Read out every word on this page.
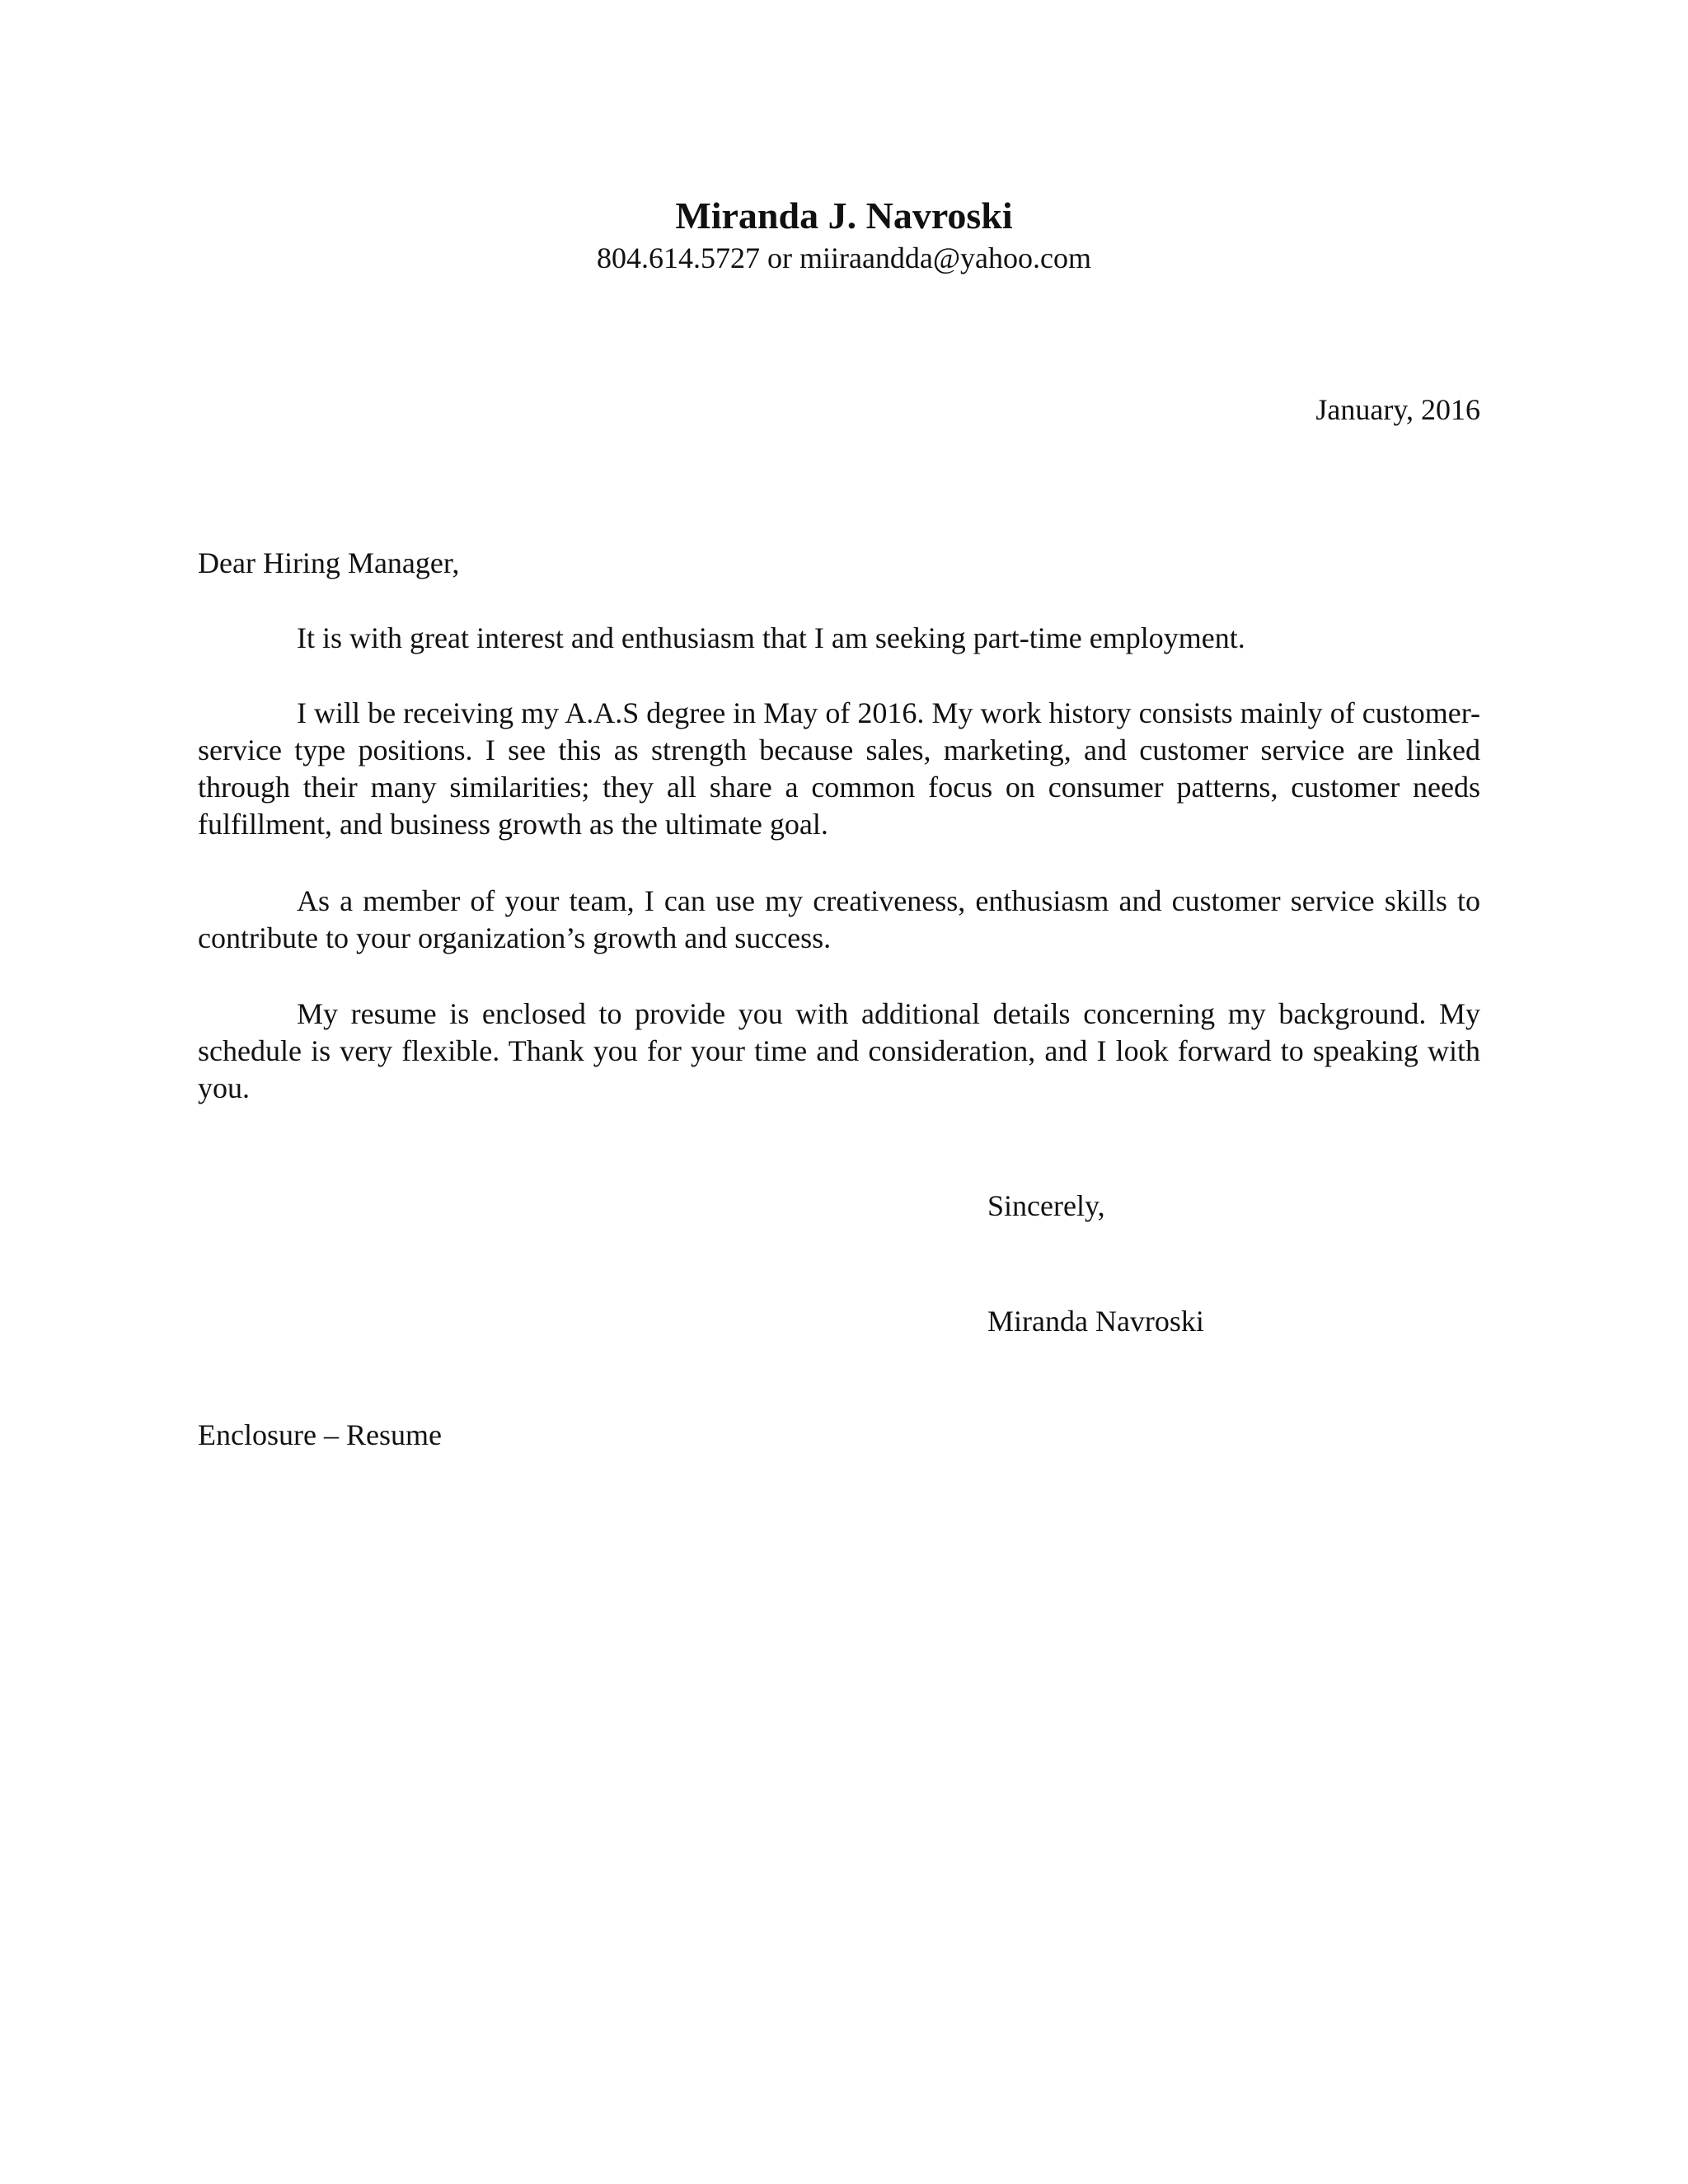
Miranda J. Navroski
804.614.5727 or miiraandda@yahoo.com
January, 2016
Dear Hiring Manager,

It is with great interest and enthusiasm that I am seeking part-time employment.

I will be receiving my A.A.S degree in May of 2016. My work history consists mainly of customer-service type positions. I see this as strength because sales, marketing, and customer service are linked through their many similarities; they all share a common focus on consumer patterns, customer needs fulfillment, and business growth as the ultimate goal.

As a member of your team, I can use my creativeness, enthusiasm and customer service skills to contribute to your organization’s growth and success.

My resume is enclosed to provide you with additional details concerning my background. My schedule is very flexible. Thank you for your time and consideration, and I look forward to speaking with you.

Sincerely,
Miranda Navroski
Enclosure – Resume
